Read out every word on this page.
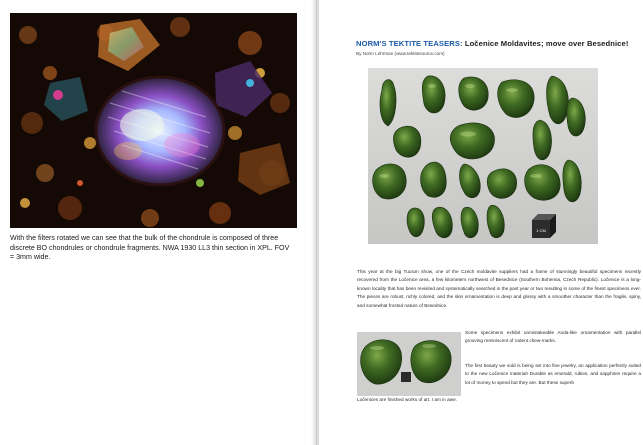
With the filters rotated we can see that the bulk of the chondrule is composed of three discrete BO chondrules or chondrule fragments. NWA 1930 LL3 thin section in XPL. FOV = 3mm wide.

NORM'S TEKTITE TEASERS: Ločenice Moldavites; move over Besednice!
By Norm Lehrman (www.tektitesource.com)
1 CM

This year at the big Tucson show, one of the Czech moldavite suppliers had a frame of stunningly beautiful specimens recently recovered from the Ločenice area, a few kilometers northwest of Besednice (Southern Bohemia, Czech Republic). Ločenice is a long-known locality that has been revisited and systematically searched in the past year or two resulting in some of the finest specimens ever. The pieces are robust, richly colored, and the skin ornamentation is deep and glossy with a smoother character than the fragile, spiny, and somewhat frosted nature of Besednice.

Some specimens exhibit unmistakeable Anda-like ornamentation with parallel grooving reminiscent of rodent chew-marks.

The first beauty we sold is being set into fine jewelry, an application perfectly suited to the new Ločenice material! Durable as emerald, rubies, and sapphires require a lot of money to spend but they are. But these superb

Ločenices are finished works of art. I am in awe.
